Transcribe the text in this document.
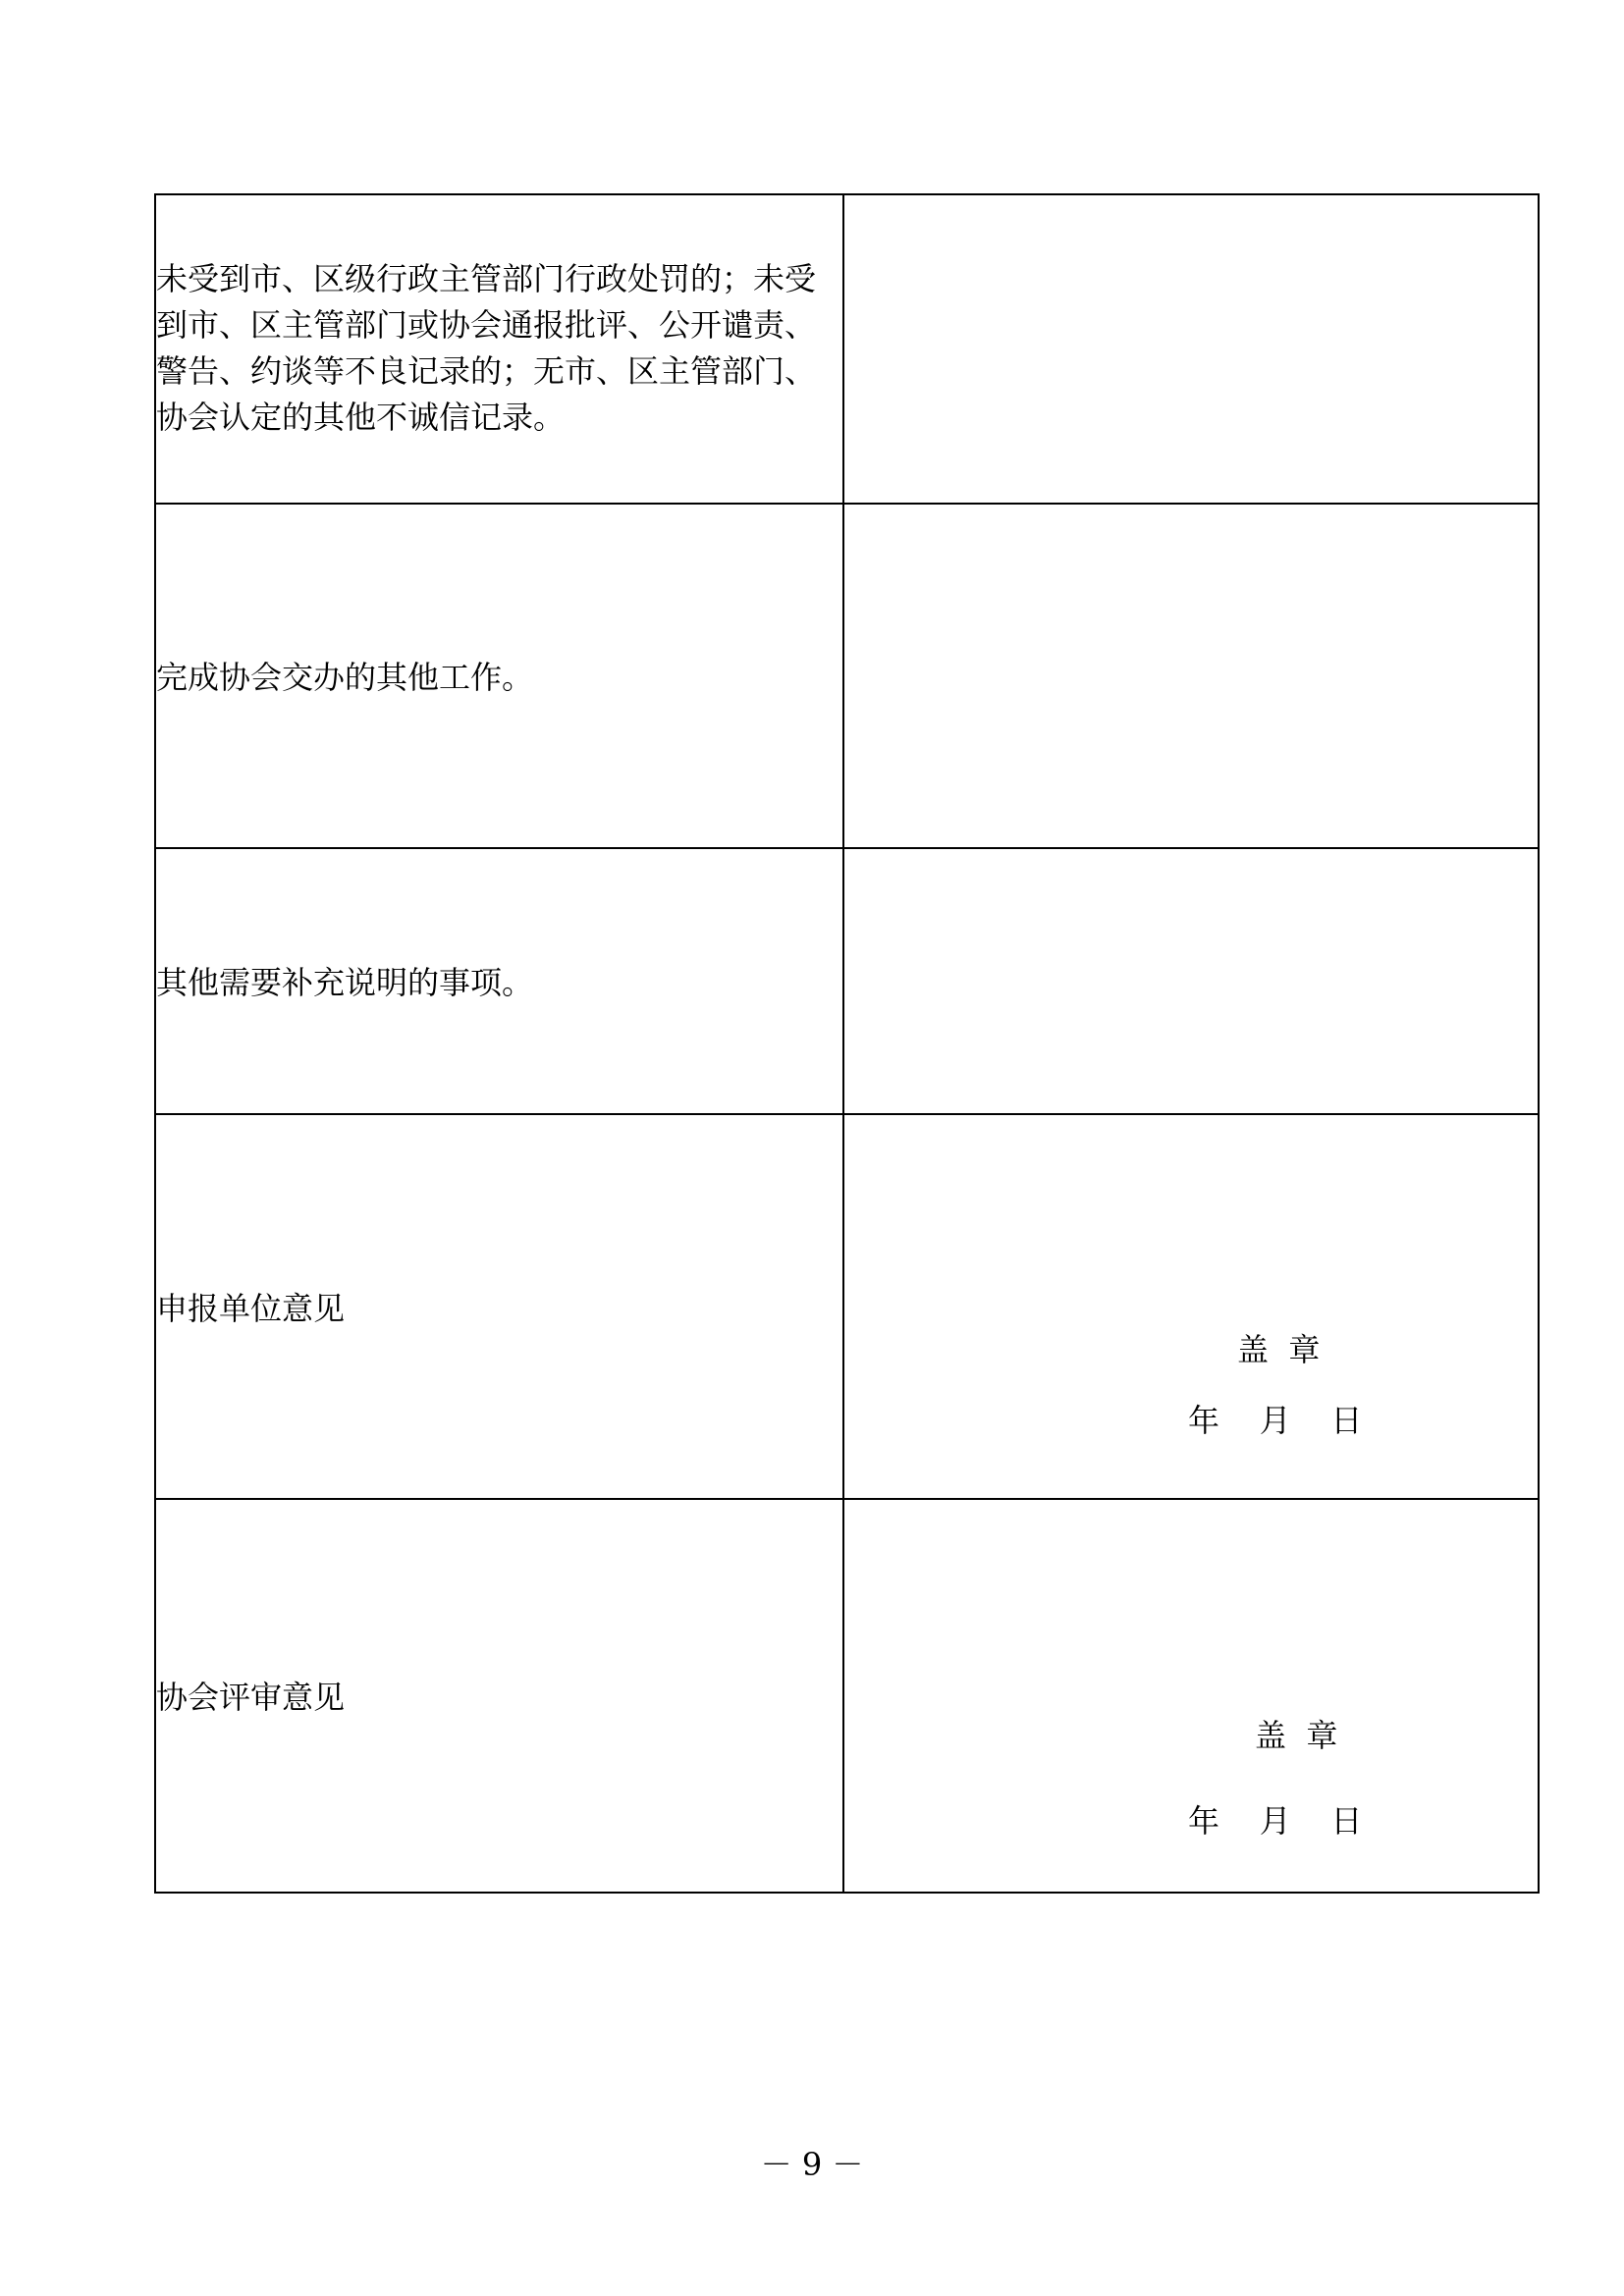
未受到市、区级行政主管部门行政处罚的；未受到市、区主管部门或协会通报批评、公开谴责、警告、约谈等不良记录的；无市、区主管部门、协会认定的其他不诚信记录。	
完成协会交办的其他工作。	
其他需要补充说明的事项。	
申报单位意见	盖  章
年    月    日

协会评审意见	盖  章
年    月    日
－ 9 －
